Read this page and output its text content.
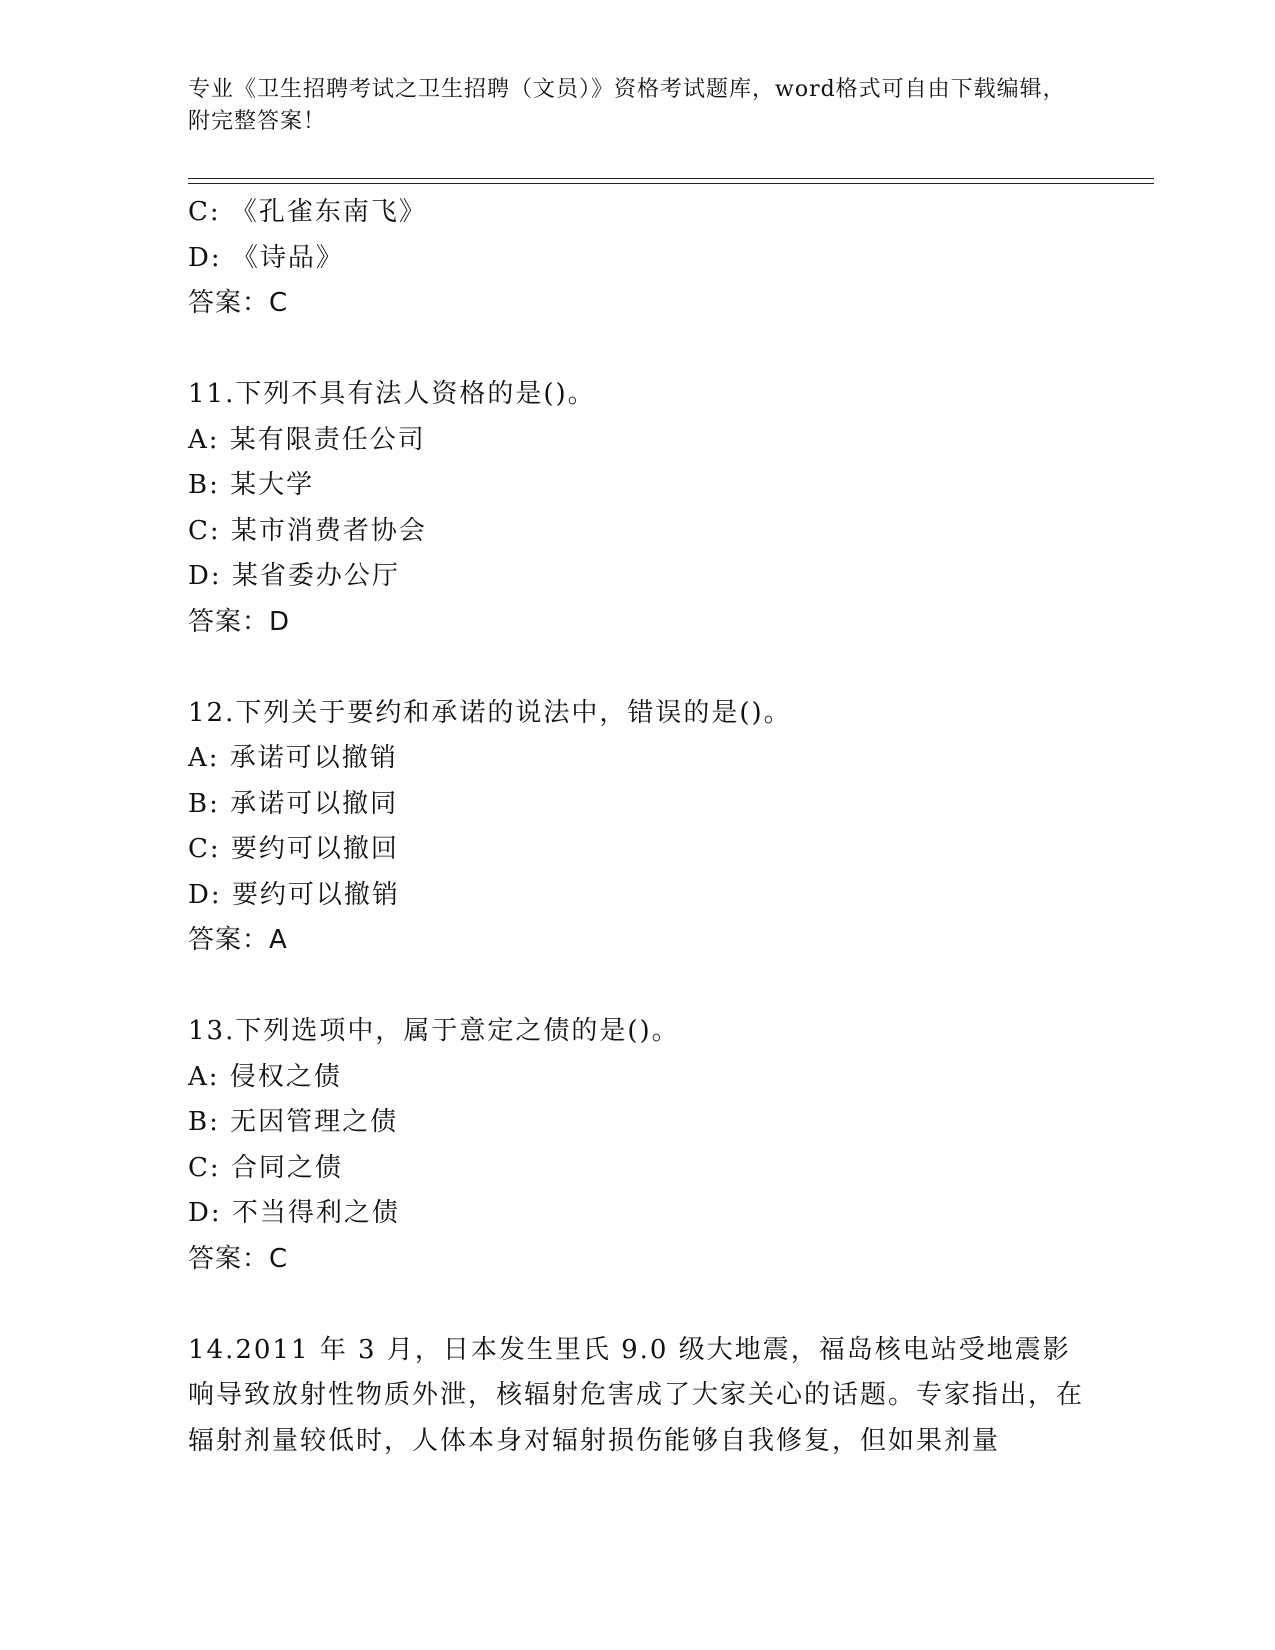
专业《卫生招聘考试之卫生招聘（文员）》资格考试题库，word格式可自由下载编辑，附完整答案！
C: 《孔雀东南飞》
D: 《诗品》
答案：C
11.下列不具有法人资格的是()。
A: 某有限责任公司
B: 某大学
C: 某市消费者协会
D: 某省委办公厅
答案：D
12.下列关于要约和承诺的说法中，错误的是()。
A: 承诺可以撤销
B: 承诺可以撤同
C: 要约可以撤回
D: 要约可以撤销
答案：A
13.下列选项中，属于意定之债的是()。
A: 侵权之债
B: 无因管理之债
C: 合同之债
D: 不当得利之债
答案：C
14.2011 年 3 月，日本发生里氏 9.0 级大地震，福岛核电站受地震影响导致放射性物质外泄，核辐射危害成了大家关心的话题。专家指出，在辐射剂量较低时，人体本身对辐射损伤能够自我修复，但如果剂量
